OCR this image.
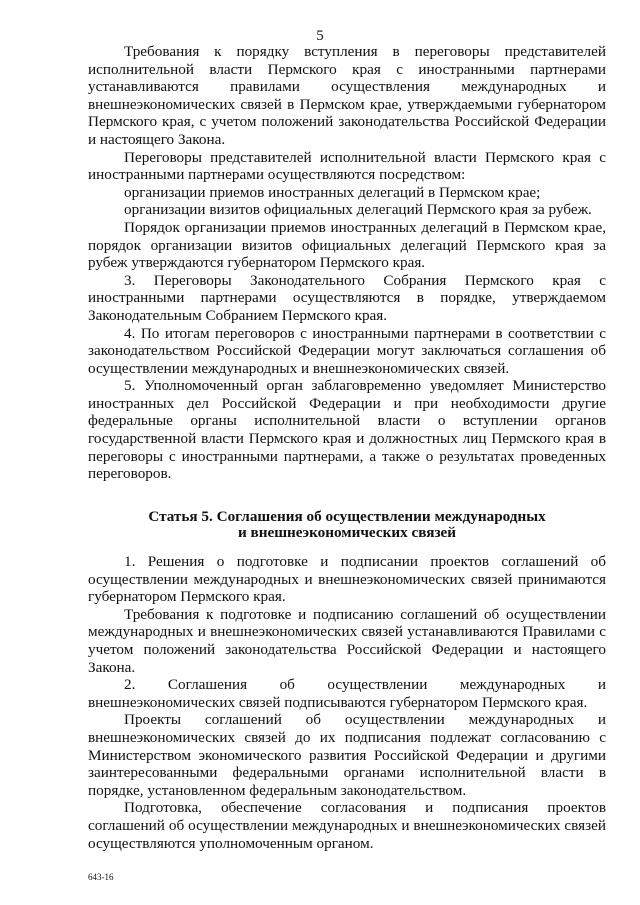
5

Требования к порядку вступления в переговоры представителей исполнительной власти Пермского края с иностранными партнерами устанавливаются правилами осуществления международных и внешнеэкономических связей в Пермском крае, утверждаемыми губернатором Пермского края, с учетом положений законодательства Российской Федерации и настоящего Закона.

Переговоры представителей исполнительной власти Пермского края с иностранными партнерами осуществляются посредством:

организации приемов иностранных делегаций в Пермском крае;

организации визитов официальных делегаций Пермского края за рубеж.

Порядок организации приемов иностранных делегаций в Пермском крае, порядок организации визитов официальных делегаций Пермского края за рубеж утверждаются губернатором Пермского края.

3. Переговоры Законодательного Собрания Пермского края с иностранными партнерами осуществляются в порядке, утверждаемом Законодательным Собранием Пермского края.

4. По итогам переговоров с иностранными партнерами в соответствии с законодательством Российской Федерации могут заключаться соглашения об осуществлении международных и внешнеэкономических связей.

5. Уполномоченный орган заблаговременно уведомляет Министерство иностранных дел Российской Федерации и при необходимости другие федеральные органы исполнительной власти о вступлении органов государственной власти Пермского края и должностных лиц Пермского края в переговоры с иностранными партнерами, а также о результатах проведенных переговоров.

Статья 5. Соглашения об осуществлении международных
и внешнеэкономических связей

1. Решения о подготовке и подписании проектов соглашений об осуществлении международных и внешнеэкономических связей принимаются губернатором Пермского края.

Требования к подготовке и подписанию соглашений об осуществлении международных и внешнеэкономических связей устанавливаются Правилами с учетом положений законодательства Российской Федерации и настоящего Закона.

2. Соглашения об осуществлении международных и внешнеэкономических связей подписываются губернатором Пермского края.

Проекты соглашений об осуществлении международных и внешнеэкономических связей до их подписания подлежат согласованию с Министерством экономического развития Российской Федерации и другими заинтересованными федеральными органами исполнительной власти в порядке, установленном федеральным законодательством.

Подготовка, обеспечение согласования и подписания проектов соглашений об осуществлении международных и внешнеэкономических связей осуществляются уполномоченным органом.

643-16
